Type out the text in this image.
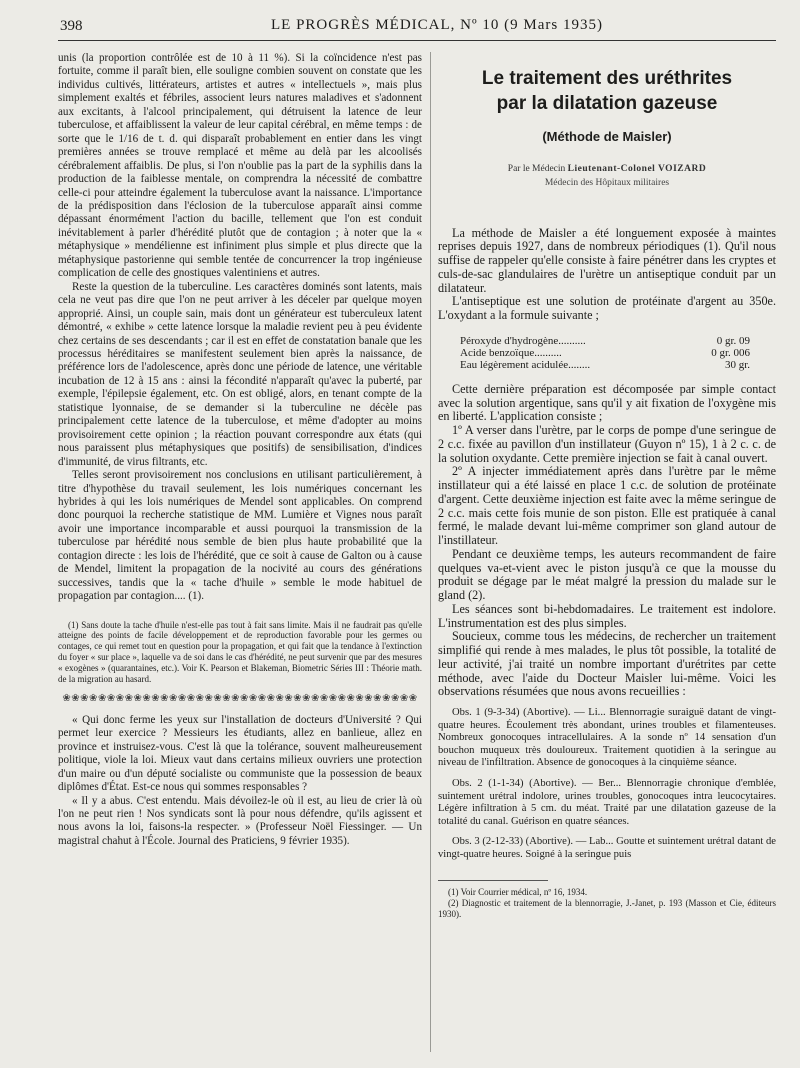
398	LE PROGRÈS MÉDICAL, Nº 10 (9 Mars 1935)

unis (la proportion contrôlée est de 10 à 11 %). Si la coïncidence n'est pas fortuite, comme il paraît bien, elle souligne combien souvent on constate que les individus cultivés, littérateurs, artistes et autres « intellectuels », mais plus simplement exaltés et fébriles, associent leurs natures maladives et s'adonnent aux excitants, à l'alcool principalement, qui détruisent la latence de leur tuberculose, et affaiblissent la valeur de leur capital cérébral, en même temps : de sorte que le 1/16 de t. d. qui disparaît probablement en entier dans les vingt premières années se trouve remplacé et même au delà par les alcoolisés cérébralement affaiblis. De plus, si l'on n'oublie pas la part de la syphilis dans la production de la faiblesse mentale, on comprendra la nécessité de combattre celle-ci pour atteindre également la tuberculose avant la naissance. L'importance de la prédisposition dans l'éclosion de la tuberculose apparaît ainsi comme dépassant énormément l'action du bacille, tellement que l'on est conduit inévitablement à parler d'hérédité plutôt que de contagion ; à noter que la « métaphysique » mendélienne est infiniment plus simple et plus directe que la métaphysique pastorienne qui semble tentée de concurrencer la trop ingénieuse complication de celle des gnostiques valentiniens et autres.

Reste la question de la tuberculine. Les caractères dominés sont latents, mais cela ne veut pas dire que l'on ne peut arriver à les déceler par quelque moyen approprié. Ainsi, un couple sain, mais dont un générateur est tuberculeux latent démontré, « exhibe » cette latence lorsque la maladie revient peu à peu évidente chez certains de ses descendants ; car il est en effet de constatation banale que les processus héréditaires se manifestent seulement bien après la naissance, de préférence lors de l'adolescence, après donc une période de latence, une véritable incubation de 12 à 15 ans : ainsi la fécondité n'apparaît qu'avec la puberté, par exemple, l'épilepsie également, etc. On est obligé, alors, en tenant compte de la statistique lyonnaise, de se demander si la tuberculine ne décèle pas principalement cette latence de la tuberculose, et même d'adopter au moins provisoirement cette opinion ; la réaction pouvant correspondre aux états (qui nous paraissent plus métaphysiques que positifs) de sensibilisation, d'indices d'immunité, de virus filtrants, etc.

Telles seront provisoirement nos conclusions en utilisant particulièrement, à titre d'hypothèse du travail seulement, les lois numériques concernant les hybrides à qui les lois numériques de Mendel sont applicables. On comprend donc pourquoi la recherche statistique de MM. Lumière et Vignes nous paraît avoir une importance incomparable et aussi pourquoi la transmission de la tuberculose par hérédité nous semble de bien plus haute probabilité que la contagion directe : les lois de l'hérédité, que ce soit à cause de Galton ou à cause de Mendel, limitent la propagation de la nocivité au cours des générations successives, tandis que la « tache d'huile » semble le mode habituel de propagation par contagion.... (1).

(1) Sans doute la tache d'huile n'est-elle pas tout à fait sans limite. Mais il ne faudrait pas qu'elle atteigne des points de facile développement et de reproduction favorable pour les germes ou contages, ce qui remet tout en question pour la propagation, et qui fait que la tendance à l'extinction du foyer « sur place », laquelle va de soi dans le cas d'hérédité, ne peut survenir que par des mesures « exogènes » (quarantaines, etc.). Voir K. Pearson et Blakeman, Biometric Séries III : Théorie math. de la migration au hasard.

❀❀❀❀❀❀❀❀❀❀❀❀❀❀❀❀❀❀❀❀❀❀❀❀❀❀❀❀❀❀❀❀❀❀❀❀❀❀❀❀

« Qui donc ferme les yeux sur l'installation de docteurs d'Université ? Qui permet leur exercice ? Messieurs les étudiants, allez en banlieue, allez en province et instruisez-vous. C'est là que la tolérance, souvent malheureusement politique, viole la loi. Mieux vaut dans certains milieux ouvriers une protection d'un maire ou d'un député socialiste ou communiste que la possession de beaux diplômes d'État. Est-ce nous qui sommes responsables ?

« Il y a abus. C'est entendu. Mais dévoilez-le où il est, au lieu de crier là où l'on ne peut rien ! Nos syndicats sont là pour nous défendre, qu'ils agissent et nous avons la loi, faisons-la respecter. » (Professeur Noël Fiessinger. — Un magistral chahut à l'École. Journal des Praticiens, 9 février 1935).

Le traitement des uréthrites
par la dilatation gazeuse
(Méthode de Maisler)
Par le Médecin Lieutenant-Colonel VOIZARD
Médecin des Hôpitaux militaires

La méthode de Maisler a été longuement exposée à maintes reprises depuis 1927, dans de nombreux périodiques (1). Qu'il nous suffise de rappeler qu'elle consiste à faire pénétrer dans les cryptes et culs-de-sac glandulaires de l'urètre un antiseptique conduit par un dilatateur.

L'antiseptique est une solution de protéinate d'argent au 350e. L'oxydant a la formule suivante ;

Péroxyde d'hydrogène..........	0 gr. 09
Acide benzoïque..........	0 gr. 006
Eau légèrement acidulée........	30 gr.

Cette dernière préparation est décomposée par simple contact avec la solution argentique, sans qu'il y ait fixation de l'oxygène mis en liberté. L'application consiste ;

1º A verser dans l'urètre, par le corps de pompe d'une seringue de 2 c.c. fixée au pavillon d'un instillateur (Guyon nº 15), 1 à 2 c. c. de la solution oxydante. Cette première injection se fait à canal ouvert.

2º A injecter immédiatement après dans l'urètre par le même instillateur qui a été laissé en place 1 c.c. de solution de protéinate d'argent. Cette deuxième injection est faite avec la même seringue de 2 c.c. mais cette fois munie de son piston. Elle est pratiquée à canal fermé, le malade devant lui-même comprimer son gland autour de l'instillateur.

Pendant ce deuxième temps, les auteurs recommandent de faire quelques va-et-vient avec le piston jusqu'à ce que la mousse du produit se dégage par le méat malgré la pression du malade sur le gland (2).

Les séances sont bi-hebdomadaires. Le traitement est indolore. L'instrumentation est des plus simples.

Soucieux, comme tous les médecins, de rechercher un traitement simplifié qui rende à mes malades, le plus tôt possible, la totalité de leur activité, j'ai traité un nombre important d'urétrites par cette méthode, avec l'aide du Docteur Maisler lui-même. Voici les observations résumées que nous avons recueillies :

Obs. 1 (9-3-34) (Abortive). — Li... Blennorragie suraiguë datant de vingt-quatre heures. Écoulement très abondant, urines troubles et filamenteuses. Nombreux gonocoques intracellulaires. A la sonde nº 14 sensation d'un bouchon muqueux très douloureux. Traitement quotidien à la seringue au niveau de l'infiltration. Absence de gonocoques à la cinquième séance.

Obs. 2 (1-1-34) (Abortive). — Ber... Blennorragie chronique d'emblée, suintement urétral indolore, urines troubles, gonocoques intra leucocytaires. Légère infiltration à 5 cm. du méat. Traité par une dilatation gazeuse de la totalité du canal. Guérison en quatre séances.

Obs. 3 (2-12-33) (Abortive). — Lab... Goutte et suintement urétral datant de vingt-quatre heures. Soigné à la seringue puis

(1) Voir Courrier médical, nº 16, 1934.

(2) Diagnostic et traitement de la blennorragie, J.-Janet, p. 193 (Masson et Cie, éditeurs 1930).
